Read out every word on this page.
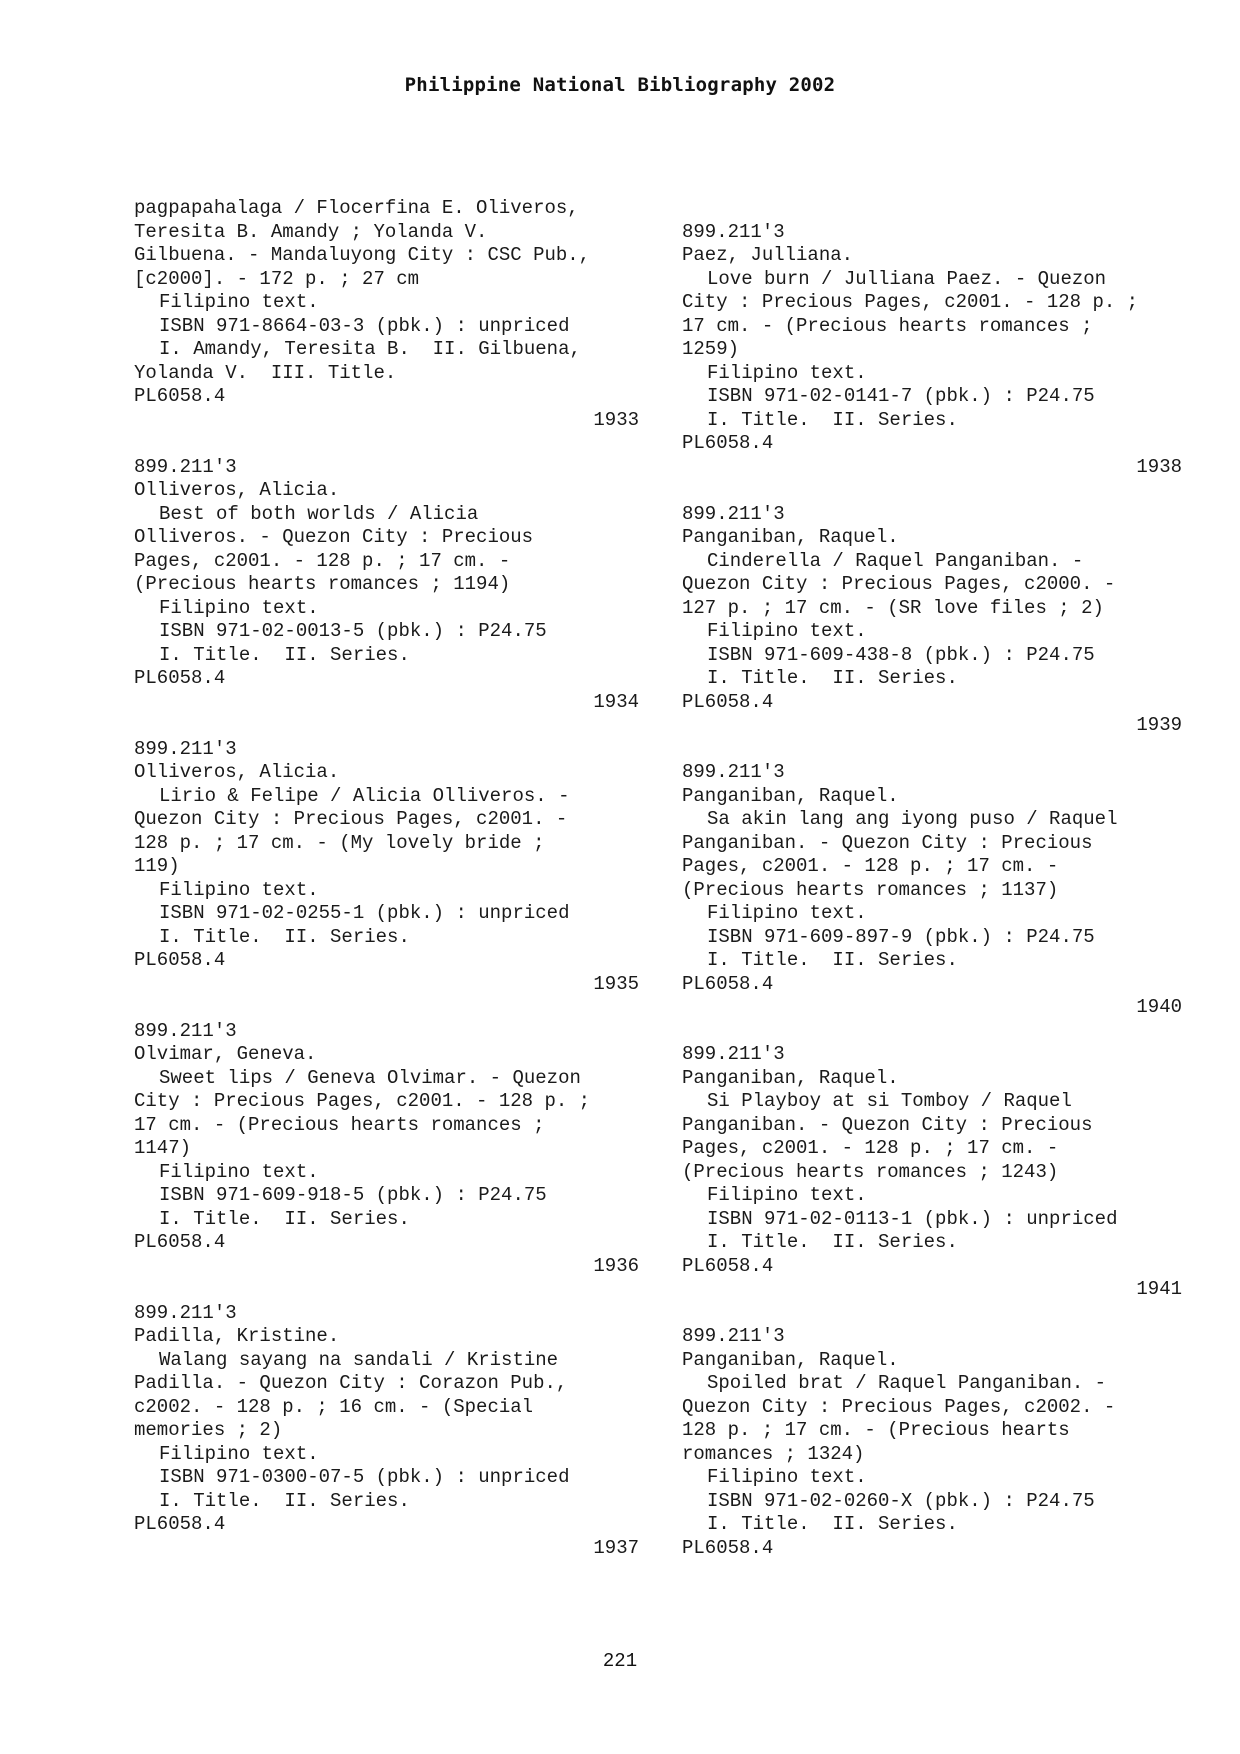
Philippine National Bibliography 2002
pagpapahalaga / Flocerfina E. Oliveros,
Teresita B. Amandy ; Yolanda V.
Gilbuena. - Mandaluyong City : CSC Pub.,
[c2000]. - 172 p. ; 27 cm
Filipino text.
ISBN 971-8664-03-3 (pbk.) : unpriced
I. Amandy, Teresita B.  II. Gilbuena,
Yolanda V.  III. Title.
PL6058.4
1933
899.211'3
Olliveros, Alicia.
Best of both worlds / Alicia
Olliveros. - Quezon City : Precious
Pages, c2001. - 128 p. ; 17 cm. -
(Precious hearts romances ; 1194)
Filipino text.
ISBN 971-02-0013-5 (pbk.) : P24.75
I. Title.  II. Series.
PL6058.4
1934
899.211'3
Olliveros, Alicia.
Lirio & Felipe / Alicia Olliveros. -
Quezon City : Precious Pages, c2001. -
128 p. ; 17 cm. - (My lovely bride ;
119)
Filipino text.
ISBN 971-02-0255-1 (pbk.) : unpriced
I. Title.  II. Series.
PL6058.4
1935
899.211'3
Olvimar, Geneva.
Sweet lips / Geneva Olvimar. - Quezon
City : Precious Pages, c2001. - 128 p. ;
17 cm. - (Precious hearts romances ;
1147)
Filipino text.
ISBN 971-609-918-5 (pbk.) : P24.75
I. Title.  II. Series.
PL6058.4
1936
899.211'3
Padilla, Kristine.
Walang sayang na sandali / Kristine
Padilla. - Quezon City : Corazon Pub.,
c2002. - 128 p. ; 16 cm. - (Special
memories ; 2)
Filipino text.
ISBN 971-0300-07-5 (pbk.) : unpriced
I. Title.  II. Series.
PL6058.4
1937
899.211'3
Paez, Julliana.
Love burn / Julliana Paez. - Quezon
City : Precious Pages, c2001. - 128 p. ;
17 cm. - (Precious hearts romances ;
1259)
Filipino text.
ISBN 971-02-0141-7 (pbk.) : P24.75
I. Title.  II. Series.
PL6058.4
1938
899.211'3
Panganiban, Raquel.
Cinderella / Raquel Panganiban. -
Quezon City : Precious Pages, c2000. -
127 p. ; 17 cm. - (SR love files ; 2)
Filipino text.
ISBN 971-609-438-8 (pbk.) : P24.75
I. Title.  II. Series.
PL6058.4
1939
899.211'3
Panganiban, Raquel.
Sa akin lang ang iyong puso / Raquel
Panganiban. - Quezon City : Precious
Pages, c2001. - 128 p. ; 17 cm. -
(Precious hearts romances ; 1137)
Filipino text.
ISBN 971-609-897-9 (pbk.) : P24.75
I. Title.  II. Series.
PL6058.4
1940
899.211'3
Panganiban, Raquel.
Si Playboy at si Tomboy / Raquel
Panganiban. - Quezon City : Precious
Pages, c2001. - 128 p. ; 17 cm. -
(Precious hearts romances ; 1243)
Filipino text.
ISBN 971-02-0113-1 (pbk.) : unpriced
I. Title.  II. Series.
PL6058.4
1941
899.211'3
Panganiban, Raquel.
Spoiled brat / Raquel Panganiban. -
Quezon City : Precious Pages, c2002. -
128 p. ; 17 cm. - (Precious hearts
romances ; 1324)
Filipino text.
ISBN 971-02-0260-X (pbk.) : P24.75
I. Title.  II. Series.
PL6058.4
221
